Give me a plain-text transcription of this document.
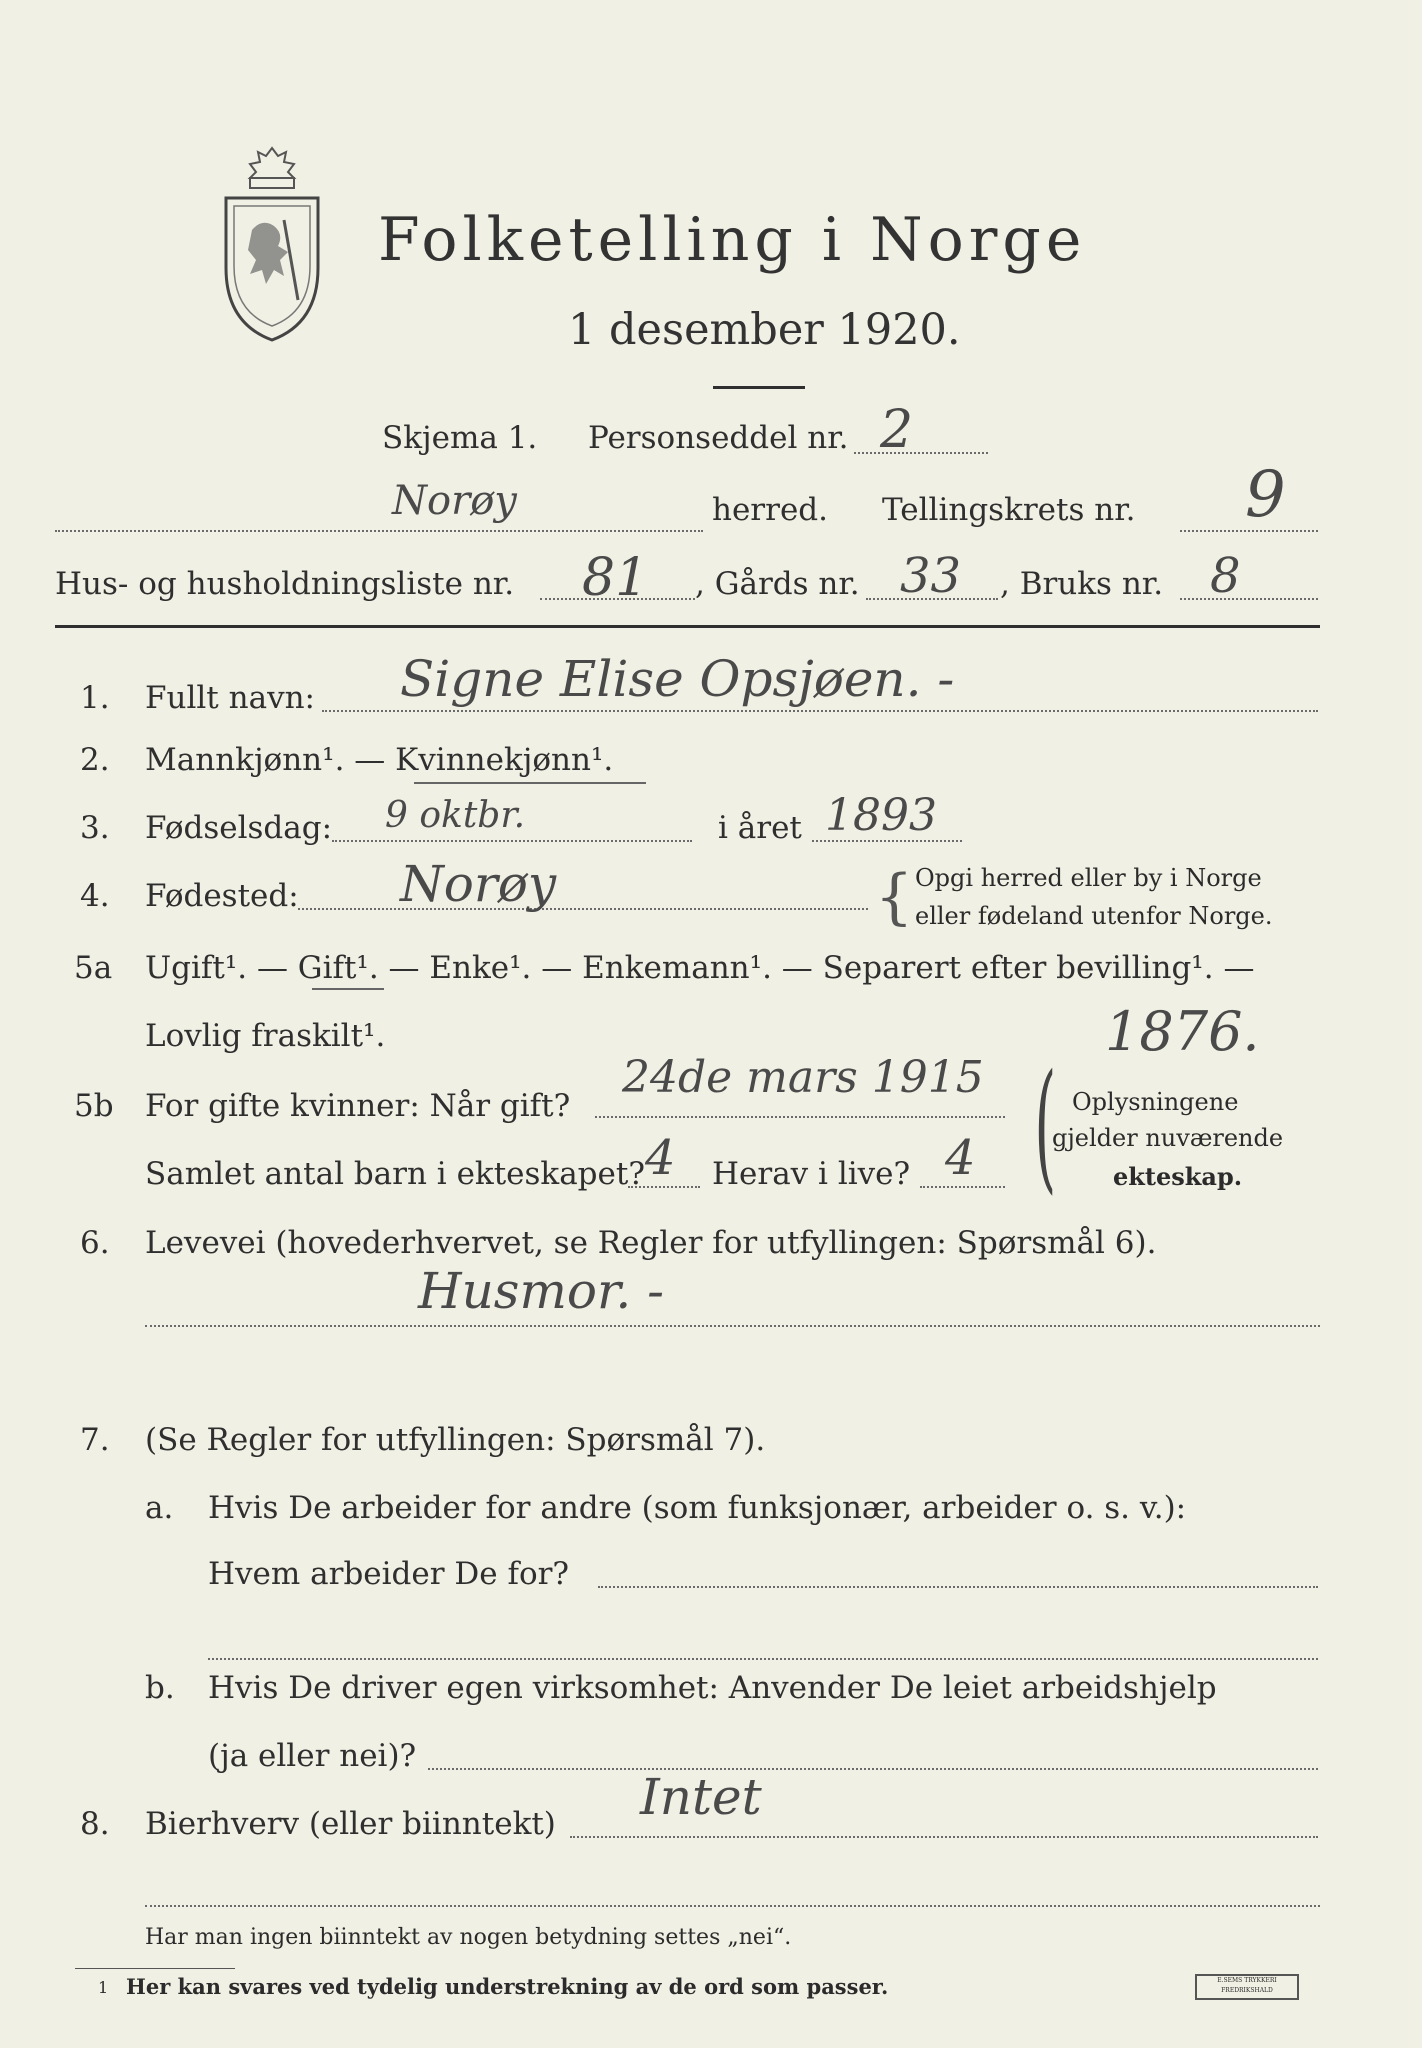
Folketelling i Norge
1 desember 1920.
Skjema 1. Personseddel nr. 2
Norøy	herred. Tellingskrets nr. 9
Hus- og husholdningsliste nr. 81 , Gårds nr. 33 , Bruks nr. 8
1. Fullt navn: Signe Elise Opsjøen. -
2. Mannkjønn¹. — Kvinnekjønn¹.
3. Fødselsdag: 9 oktbr.	i året 1893
4. Fødested: Norøy	{ Opgi herred eller by i Norge
eller fødeland utenfor Norge.
5a Ugift¹. — Gift¹. — Enke¹. — Enkemann¹. — Separert efter bevilling¹. —
Lovlig fraskilt¹.	1876.
5b For gifte kvinner: Når gift?
24de mars 1915
Samlet antal barn i ekteskapet? 4 Herav i live? 4 ( Oplysningene
gjelder nuværende
ekteskap.
6. Levevei (hovederhvervet, se Regler for utfyllingen: Spørsmål 6).
Husmor. -
7. (Se Regler for utfyllingen: Spørsmål 7).
a. Hvis De arbeider for andre (som funksjonær, arbeider o. s. v.):
Hvem arbeider De for?
b. Hvis De driver egen virksomhet: Anvender De leiet arbeidshjelp
(ja eller nei)?
8. Bierhverv (eller biinntekt) Intet
Har man ingen biinntekt av nogen betydning settes „nei“.
1 Her kan svares ved tydelig understrekning av de ord som passer.	E.SEMS TRYKKERI FREDRIKSHALD
